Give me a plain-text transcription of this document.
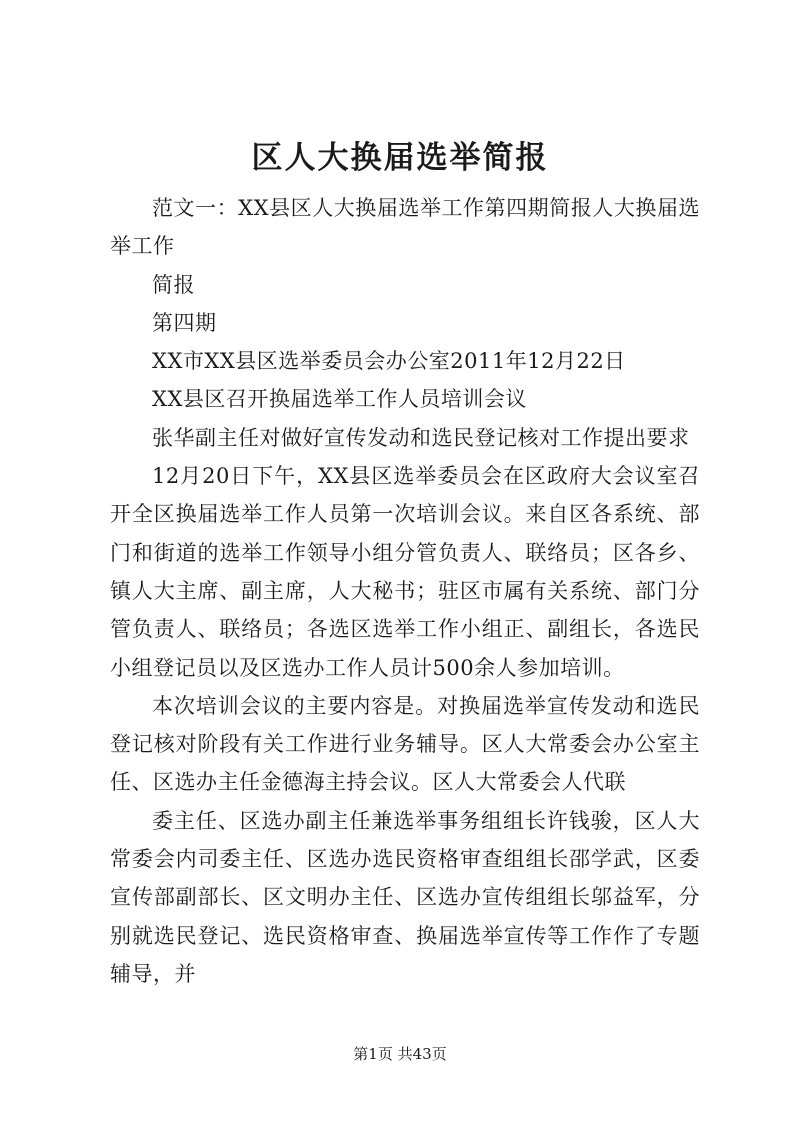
区人大换届选举简报

范文一：XX县区人大换届选举工作第四期简报人大换届选举工作

简报

第四期

XX市XX县区选举委员会办公室2011年12月22日

XX县区召开换届选举工作人员培训会议

张华副主任对做好宣传发动和选民登记核对工作提出要求

12月20日下午，XX县区选举委员会在区政府大会议室召开全区换届选举工作人员第一次培训会议。来自区各系统、部门和街道的选举工作领导小组分管负责人、联络员；区各乡、镇人大主席、副主席，人大秘书；驻区市属有关系统、部门分管负责人、联络员；各选区选举工作小组正、副组长，各选民小组登记员以及区选办工作人员计500余人参加培训。

本次培训会议的主要内容是。对换届选举宣传发动和选民登记核对阶段有关工作进行业务辅导。区人大常委会办公室主任、区选办主任金德海主持会议。区人大常委会人代联

委主任、区选办副主任兼选举事务组组长许钱骏，区人大常委会内司委主任、区选办选民资格审查组组长邵学武，区委宣传部副部长、区文明办主任、区选办宣传组组长邬益军，分别就选民登记、选民资格审查、换届选举宣传等工作作了专题辅导，并

第1页 共43页
